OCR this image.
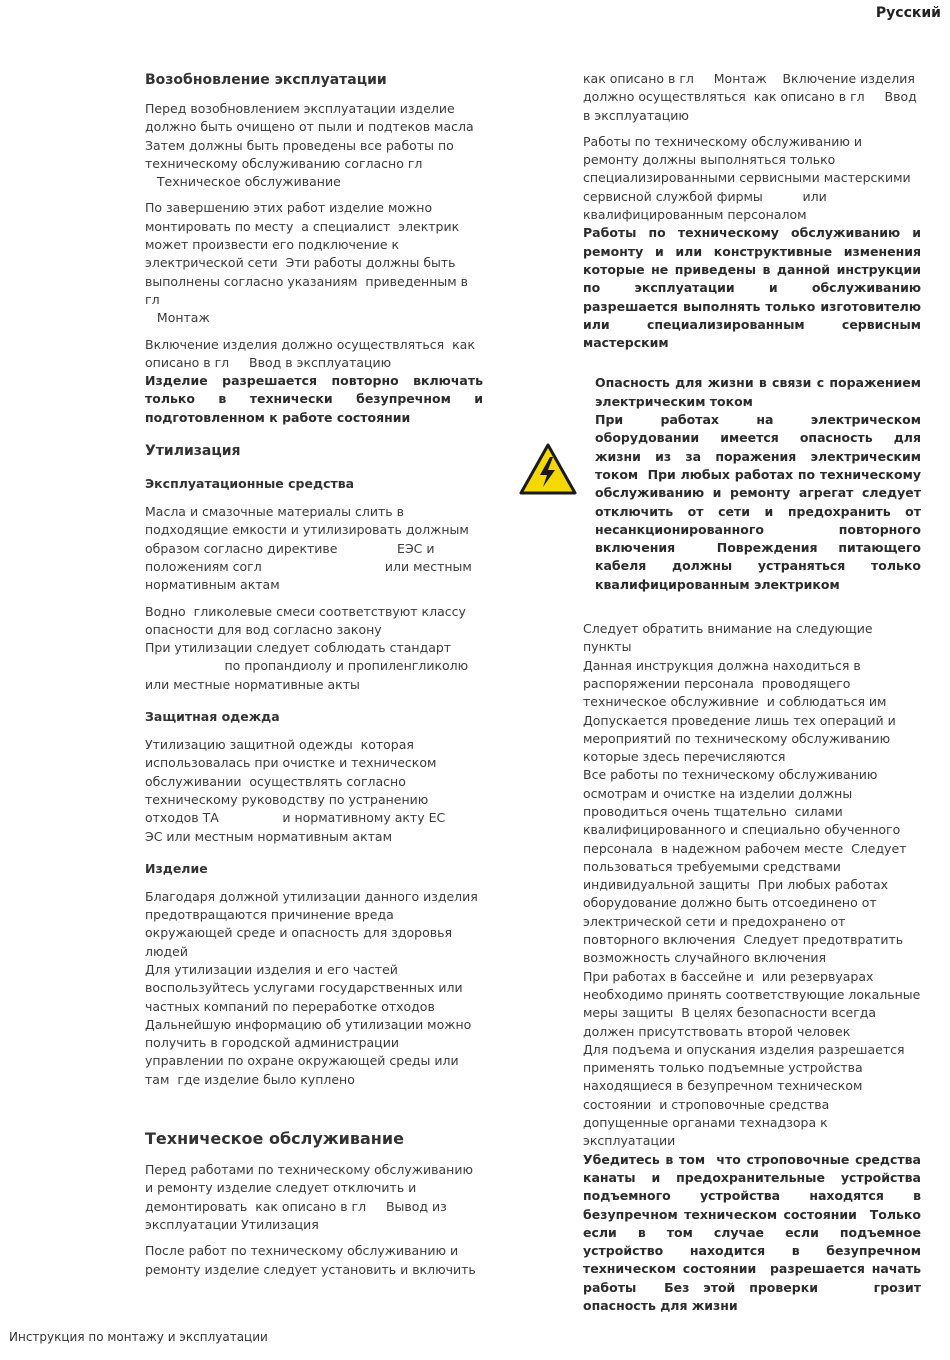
Русский
Возобновление эксплуатации

Перед возобновлением эксплуатации изделие должно быть очищено от пыли и подтеков масла  Затем должны быть проведены все работы по техническому обслуживанию согласно гл
Техническое обслуживание

По завершению этих работ изделие можно монтировать по месту  а специалист  электрик может произвести его подключение к электрической сети  Эти работы должны быть выполнены согласно указаниям  приведенным в гл
Монтаж

Включение изделия должно осуществляться  как описано в гл     Ввод в эксплуатацию

Изделие разрешается повторно включать только в технически безупречном и подготовленном к работе состоянии

Утилизация
Эксплуатационные средства

Масла и смазочные материалы слить в подходящие емкости и утилизировать должным образом согласно директиве               ЕЭС и положениям согл                               или местным нормативным актам

Водно  гликолевые смеси соответствуют классу опасности для вод согласно закону
При утилизации следует соблюдать стандарт
по пропандиолу и пропиленгликолю или местные нормативные акты

Защитная одежда

Утилизацию защитной одежды  которая использовалась при очистке и техническом обслуживании  осуществлять согласно техническому руководству по устранению отходов ТА                и нормативному акту ЕС                ЭС или местным нормативным актам

Изделие

Благодаря должной утилизации данного изделия предотвращаются причинение вреда окружающей среде и опасность для здоровья людей
Для утилизации изделия и его частей воспользуйтесь услугами государственных или частных компаний по переработке отходов
Дальнейшую информацию об утилизации можно получить в городской администрации  управлении по охране окружающей среды или там  где изделие было куплено

Техническое обслуживание

Перед работами по техническому обслуживанию и ремонту изделие следует отключить и демонтировать  как описано в гл     Вывод из эксплуатации Утилизация

После работ по техническому обслуживанию и ремонту изделие следует установить и включить

как описано в гл     Монтаж    Включение изделия должно осуществляться  как описано в гл     Ввод в эксплуатацию

Работы по техническому обслуживанию и ремонту должны выполняться только специализированными сервисными мастерскими сервисной службой фирмы          или квалифицированным персоналом

Работы по техническому обслуживанию и ремонту и или конструктивные изменения которые не приведены в данной инструкции по эксплуатации и обслуживанию разрешается выполнять только изготовителю или специализированным сервисным мастерским

Опасность для жизни в связи с поражением электрическим током

При работах на электрическом оборудовании имеется опасность для жизни из за поражения электрическим током  При любых работах по техническому обслуживанию и ремонту агрегат следует отключить от сети и предохранить от несанкционированного повторного включения  Повреждения питающего кабеля должны устраняться только квалифицированным электриком

Следует обратить внимание на следующие пункты
Данная инструкция должна находиться в распоряжении персонала  проводящего техническое обслуживние  и соблюдаться им
Допускается проведение лишь тех операций и мероприятий по техническому обслуживанию которые здесь перечисляются
Все работы по техническому обслуживанию осмотрам и очистке на изделии должны проводиться очень тщательно  силами квалифицированного и специально обученного персонала  в надежном рабочем месте  Следует пользоваться требуемыми средствами индивидуальной защиты  При любых работах оборудование должно быть отсоединено от электрической сети и предохранено от повторного включения  Следует предотвратить возможность случайного включения
При работах в бассейне и  или резервуарах необходимо принять соответствующие локальные меры защиты  В целях безопасности всегда должен присутствовать второй человек
Для подъема и опускания изделия разрешается применять только подъемные устройства находящиеся в безупречном техническом состоянии  и строповочные средства  допущенные органами технадзора к эксплуатации

Убедитесь в том  что строповочные средства канаты и предохранительные устройства подъемного устройства находятся в безупречном техническом состоянии  Только если в том случае если подъемное устройство находится в безупречном техническом состоянии  разрешается начать работы  Без этой проверки    грозит опасность для жизни

Инструкция по монтажу и эксплуатации
